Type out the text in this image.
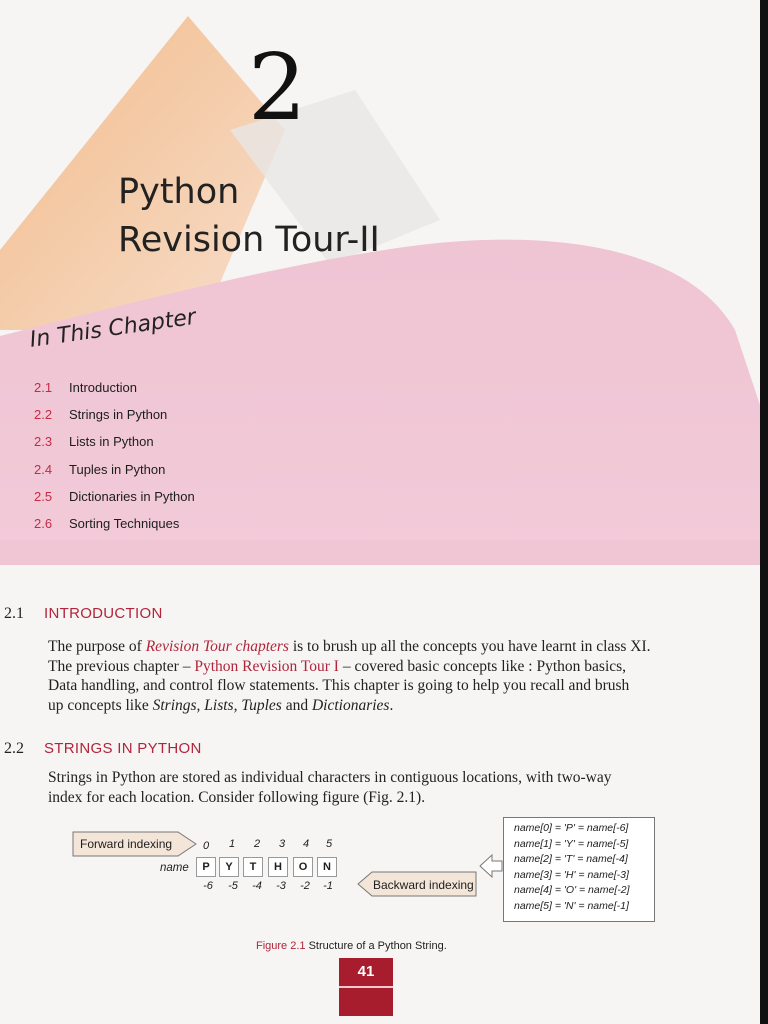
2
Python
Revision Tour-II
In This Chapter
2.1 Introduction
2.2 Strings in Python
2.3 Lists in Python
2.4 Tuples in Python
2.5 Dictionaries in Python
2.6 Sorting Techniques
2.1 INTRODUCTION
The purpose of Revision Tour chapters is to brush up all the concepts you have learnt in class XI.
The previous chapter – Python Revision Tour I – covered basic concepts like : Python basics,
Data handling, and control flow statements. This chapter is going to help you recall and brush
up concepts like Strings, Lists, Tuples and Dictionaries.
2.2 STRINGS IN PYTHON
Strings in Python are stored as individual characters in contiguous locations, with two-way
index for each location. Consider following figure (Fig. 2.1).
Forward indexing
Backward indexing
0	1	2	3	4	5
name	P	Y	T	H	O	N
-6 -5 -4 -3 -2 -1
name[0] = 'P' = name[-6]
name[1] = 'Y' = name[-5]
name[2] = 'T' = name[-4]
name[3] = 'H' = name[-3]
name[4] = 'O' = name[-2]
name[5] = 'N' = name[-1]
Figure 2.1 Structure of a Python String.
41
